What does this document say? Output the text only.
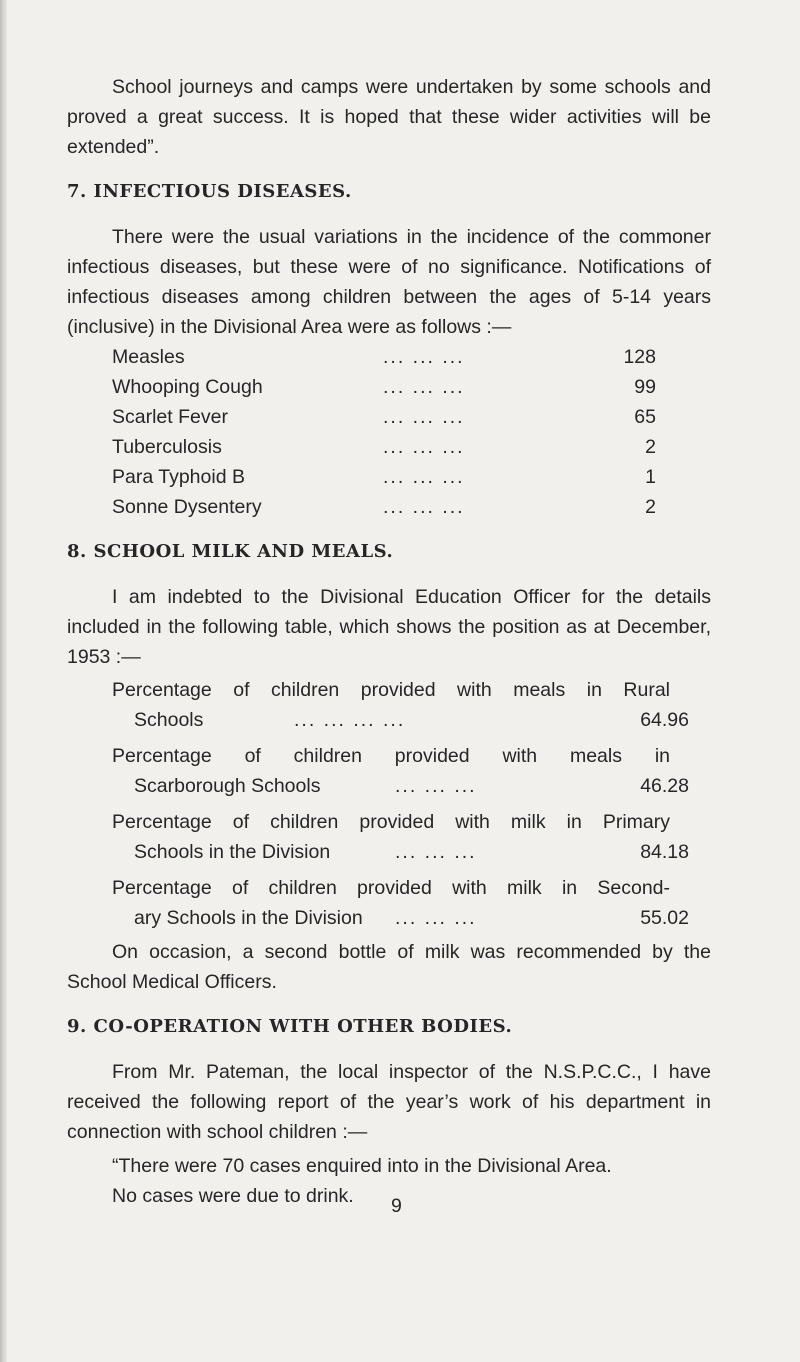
School journeys and camps were undertaken by some schools and proved a great success. It is hoped that these wider activities will be extended”.

7. INFECTIOUS DISEASES.

There were the usual variations in the incidence of the commoner infectious diseases, but these were of no significance. Notifications of infectious diseases among children between the ages of 5-14 years (inclusive) in the Divisional Area were as follows :—

Measles	... ... ...	128
Whooping Cough	... ... ...	99
Scarlet Fever	... ... ...	65
Tuberculosis	... ... ...	2
Para Typhoid B	... ... ...	1
Sonne Dysentery	... ... ...	2

8. SCHOOL MILK AND MEALS.

I am indebted to the Divisional Education Officer for the details included in the following table, which shows the position as at December, 1953 :—

Percentage of children provided with meals in Rural
Schools	... ... ... ...	64.96
Percentage of children provided with meals in
Scarborough Schools	... ... ...	46.28
Percentage of children provided with milk in Primary
Schools in the Division	... ... ...	84.18
Percentage of children provided with milk in Second-
ary Schools in the Division ... ... ...	55.02

On occasion, a second bottle of milk was recommended by the School Medical Officers.

9. CO-OPERATION WITH OTHER BODIES.

From Mr. Pateman, the local inspector of the N.S.P.C.C., I have received the following report of the year’s work of his department in connection with school children :—

“There were 70 cases enquired into in the Divisional Area.

No cases were due to drink.	9
